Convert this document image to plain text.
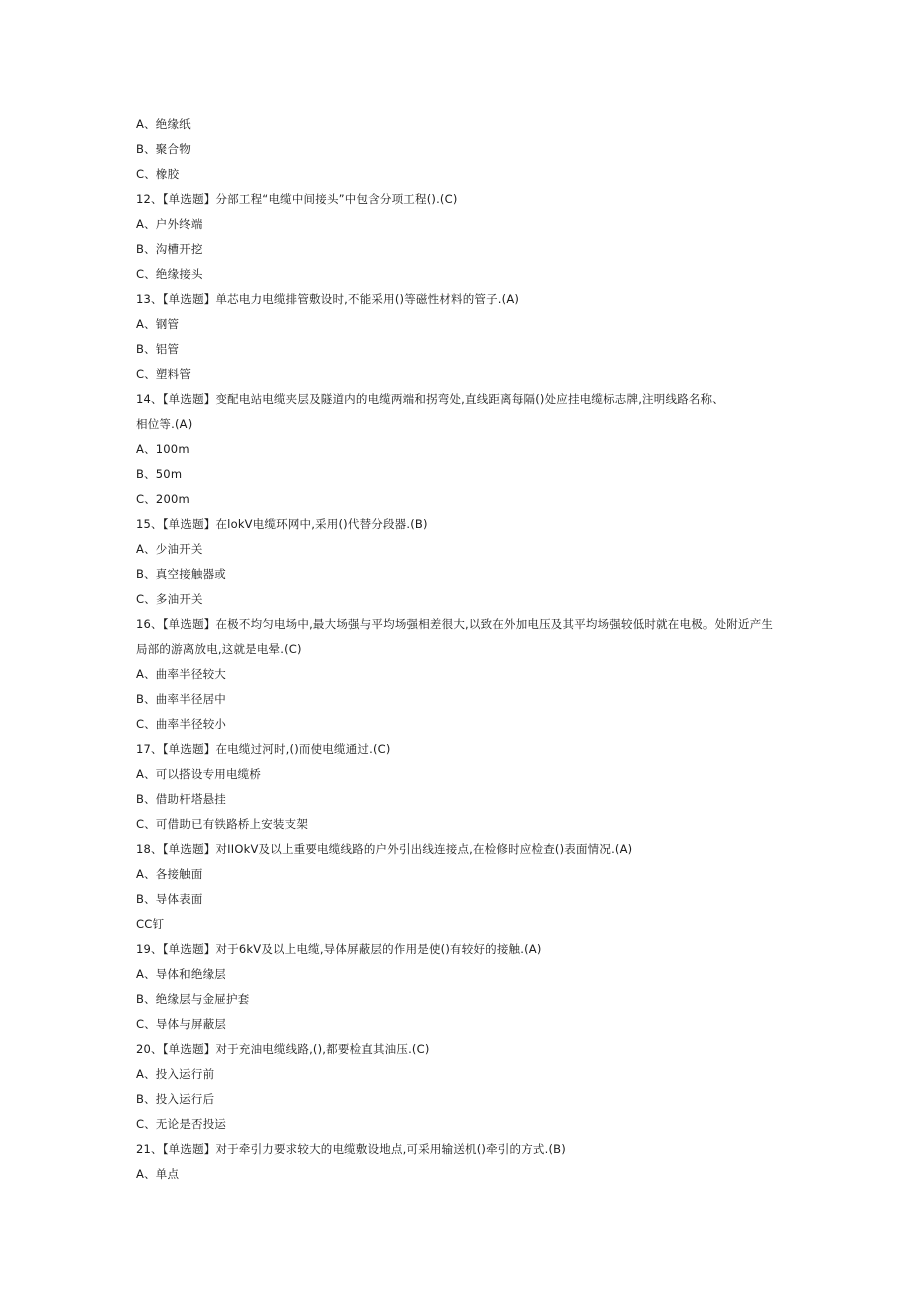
A、绝缘纸
B、聚合物
C、橡胶
12、【单选题】分部工程“电缆中间接头”中包含分项工程().(C)
A、户外终端
B、沟槽开挖
C、绝缘接头
13、【单选题】单芯电力电缆排管敷设时,不能采用()等磁性材料的管子.(A)
A、钢管
B、铝管
C、塑料管
14、【单选题】变配电站电缆夹层及隧道内的电缆两端和拐弯处,直线距离每隔()处应挂电缆标志牌,注明线路名称、
相位等.(A)
A、100m
B、50m
C、200m
15、【单选题】在lokV电缆环网中,采用()代替分段器.(B)
A、少油开关
B、真空接触器或
C、多油开关
16、【单选题】在极不均匀电场中,最大场强与平均场强相差很大,以致在外加电压及其平均场强较低时就在电极。处附近产生
局部的游离放电,这就是电晕.(C)
A、曲率半径较大
B、曲率半径居中
C、曲率半径较小
17、【单选题】在电缆过河时,()而使电缆通过.(C)
A、可以搭设专用电缆桥
B、借助杆塔悬挂
C、可借助已有铁路桥上安装支架
18、【单选题】对IIOkV及以上重要电缆线路的户外引出线连接点,在检修时应检查()表面情况.(A)
A、各接触面
B、导体表面
CC钉
19、【单选题】对于6kV及以上电缆,导体屏蔽层的作用是使()有较好的接触.(A)
A、导体和绝缘层
B、绝缘层与金屉护套
C、导体与屏蔽层
20、【单选题】对于充油电缆线路,(),都要检直其油压.(C)
A、投入运行前
B、投入运行后
C、无论是否投运
21、【单选题】对于牵引力要求较大的电缆敷设地点,可采用输送机()牵引的方式.(B)
A、单点
